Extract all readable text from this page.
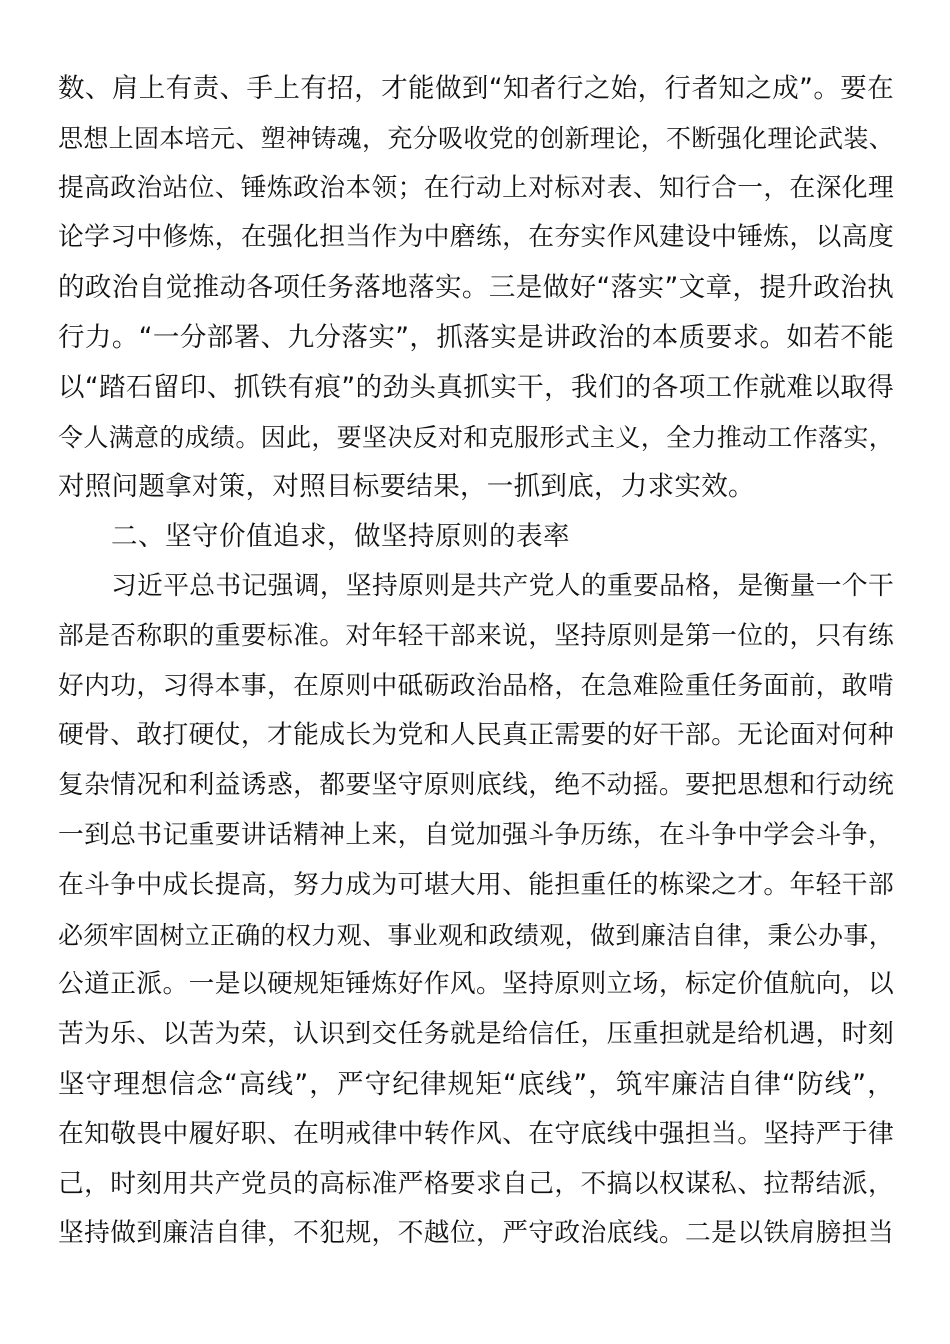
数、肩上有责、手上有招，才能做到“知者行之始，行者知之成”。要在
思想上固本培元、塑神铸魂，充分吸收党的创新理论，不断强化理论武装、
提高政治站位、锤炼政治本领；在行动上对标对表、知行合一，在深化理
论学习中修炼，在强化担当作为中磨练，在夯实作风建设中锤炼，以高度
的政治自觉推动各项任务落地落实。三是做好“落实”文章，提升政治执
行力。“一分部署、九分落实”，抓落实是讲政治的本质要求。如若不能
以“踏石留印、抓铁有痕”的劲头真抓实干，我们的各项工作就难以取得
令人满意的成绩。因此，要坚决反对和克服形式主义，全力推动工作落实，
对照问题拿对策，对照目标要结果，一抓到底，力求实效。
二、坚守价值追求，做坚持原则的表率
习近平总书记强调，坚持原则是共产党人的重要品格，是衡量一个干
部是否称职的重要标准。对年轻干部来说，坚持原则是第一位的，只有练
好内功，习得本事，在原则中砥砺政治品格，在急难险重任务面前，敢啃
硬骨、敢打硬仗，才能成长为党和人民真正需要的好干部。无论面对何种
复杂情况和利益诱惑，都要坚守原则底线，绝不动摇。要把思想和行动统
一到总书记重要讲话精神上来，自觉加强斗争历练，在斗争中学会斗争，
在斗争中成长提高，努力成为可堪大用、能担重任的栋梁之才。年轻干部
必须牢固树立正确的权力观、事业观和政绩观，做到廉洁自律，秉公办事，
公道正派。一是以硬规矩锤炼好作风。坚持原则立场，标定价值航向，以
苦为乐、以苦为荣，认识到交任务就是给信任，压重担就是给机遇，时刻
坚守理想信念“高线”，严守纪律规矩“底线”，筑牢廉洁自律“防线”，
在知敬畏中履好职、在明戒律中转作风、在守底线中强担当。坚持严于律
己，时刻用共产党员的高标准严格要求自己，不搞以权谋私、拉帮结派，
坚持做到廉洁自律，不犯规，不越位，严守政治底线。二是以铁肩膀担当
